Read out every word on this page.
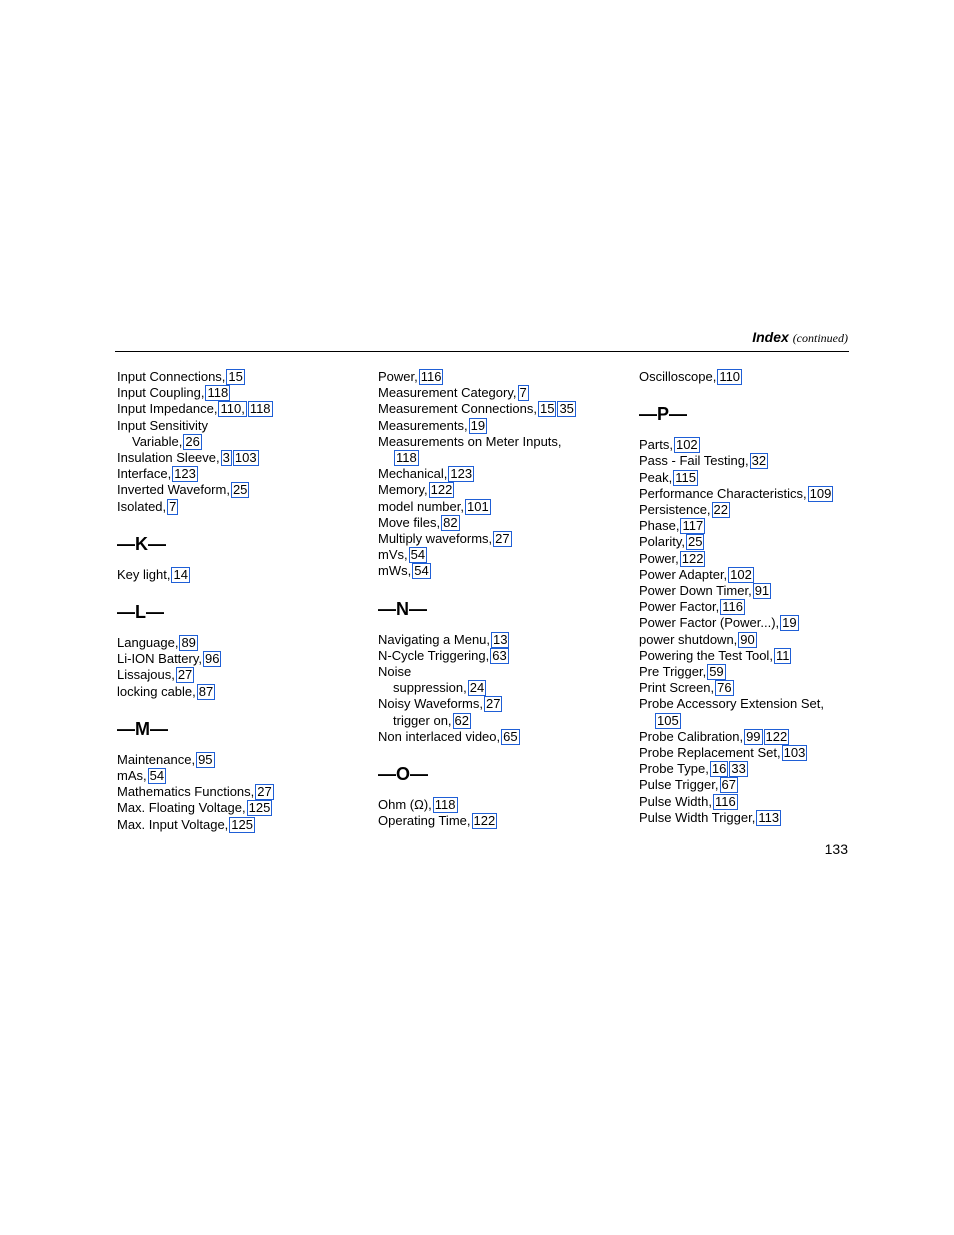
Index (continued)
Input Connections, 15
Input Coupling, 118
Input Impedance, 110, 118
Input Sensitivity
Variable, 26
Insulation Sleeve, 3 103
Interface, 123
Inverted Waveform, 25
Isolated, 7
—K—
Key light, 14
—L—
Language, 89
Li-ION Battery, 96
Lissajous, 27
locking cable, 87
—M—
Maintenance, 95
mAs, 54
Mathematics Functions, 27
Max. Floating Voltage, 125
Max. Input Voltage, 125
Power, 116
Measurement Category, 7
Measurement Connections, 15 35
Measurements, 19
Measurements on Meter Inputs,
118
Mechanical, 123
Memory, 122
model number, 101
Move files, 82
Multiply waveforms, 27
mVs, 54
mWs, 54
—N—
Navigating a Menu, 13
N-Cycle Triggering, 63
Noise
suppression, 24
Noisy Waveforms, 27
trigger on, 62
Non interlaced video, 65
—O—
Ohm (Ω), 118
Operating Time, 122
Oscilloscope, 110
—P—
Parts, 102
Pass - Fail Testing, 32
Peak, 115
Performance Characteristics, 109
Persistence, 22
Phase, 117
Polarity, 25
Power, 122
Power Adapter, 102
Power Down Timer, 91
Power Factor, 116
Power Factor (Power...), 19
power shutdown, 90
Powering the Test Tool, 11
Pre Trigger, 59
Print Screen, 76
Probe Accessory Extension Set,
105
Probe Calibration, 99 122
Probe Replacement Set, 103
Probe Type, 16 33
Pulse Trigger, 67
Pulse Width, 116
Pulse Width Trigger, 113
133
